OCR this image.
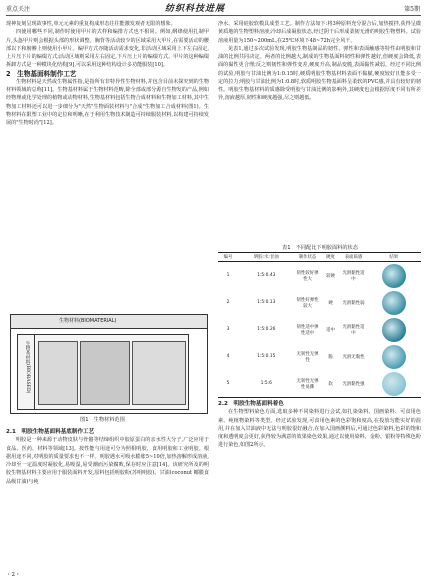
重点关注	纺织科技进展	第5期

现神复刻呈现故事性,单元元素的重复构成形态往往能激发观者无限的想象。

四使用哪些不同,制作时使用甲片的式样和编排方式也不相同。例如,纲绦使用扎制甲片,头盔甲片则会根据头部的形状调整。胸背等活动较少的区域采用大甲片,在需要活动的腰部以下和膀膊上则使用小甲片。编甲方式亦随活动需求变化,非活动区域采用上下左右固定,上片压下片的编缀方式;活动区域则采用左右固定,下片压上片的编缀方式。甲片的这种编缀拆卸方式是一种模块化结构[9],可以采用这种结构设计多功能服装[10]。

2　生物基面料制作工艺

生物材料是天然或生物属性指,是指所有非特异性生物材料,并包含目前未探究到的生物材料领域的总称[11]。生物基材料属于生物材料范畴,除全部或部分源自生物发的产品,例如经物理或化学处理的植物或动物材料,生物基材料包括生物合成材料和生物加工材料,其中生物加工材料还可以进一步细分为"天然"生物面装材料与"合成"生物加工合成材料(图1)。生物材料在限塑工业中的定位和明晰,在于利用生物技术制造可持续服装材料,以构建可持续发展的"生物时尚"[12]。

生物材料(BIOMATERIAL)
生物基材料(BIOBASED)
图1　生物材料范围

2.1　明胶生物基面料基底制作工艺

明胶是一种来源于动物皮肤与骨骼等结缔组织中胶原蛋白的亲水性大分子,广泛应用于食品、医药、材料等领域[13]。按性能与用途可分为照相明胶、食用明胶和工业明胶。根据用途不同,对明胶的质量要求也不一样。明胶遇水可吸水膨胀5~10倍,加热溶解形成溶液,冷却至一定温度时凝胶化,易吸湿,易受潮而污染腐败,保存时应注意[14]。该研究所及的明胶生物基材料主要应用于服装面料开发,原料包括明胶粉(苏明明胶)、甘油(coconut 椰膜食品级甘油)与纯

净水。采用硅胶软模具成型工艺。制作方法如下:将3种原料充分混合后,加热搅拌,获得呈微黄质地的生物塑料溶液;冷却后成凝胶状态,经过阴干后形成柔韧无滑的明胶生物塑料。试验溶液用量为150~200mL,在25℃环境下48~72h完全风干。

见表1,通过多次试验发现,明胶生物基制品的韧性、弹性和表面触感等特性由明胶和甘油的比例共同决定。两者的比例越大,制成的生物基面料韧性和弹性越好,但硬度会降低,表面的黏性更合理;反之则韧性和弹性变差,硬度升高,制品变脆,表面黏性减弱。经过不同比例的试验,明胶与甘油比例为1:0.15时,硬质明胶生物基材料表面不黏腻,硬度较好且能多受一定的拉力;明胶与甘油比例为1:0.8时,软质明胶生物基面料呈柔软的PVC感,并具有较好的韧性。明胶生物基材料的质感除受明胶与甘油比例的影响外,其硬度也会根据厚度不同有所差异,溶液越厚,韧性和硬度越强,尽之则越低。

表1　不同配比下明胶面料的状态
编号	明胶:水:甘油	制作状态	硬度	表面质感	结果
1	1:5:0.43	韧性较好弹性大	较硬	光滑黏性适中	

2	1:5:0.13	韧性好弹性较大	硬	光滑黏性弱	

3	1:5:0.26	韧性适中弹性适中	适中	光滑黏性适中	

4	1:5:0.15	无韧性无弹性	脆	光滑无黏性	

5	1:5:6	无韧性无弹性易撕	软	光滑黏性强	

2.2　明胶生物基面料着色

在生物塑料染色方面,选取多种不同染料进行会试,如扎染染料、国画染料、可食用色素、纯植物染料等类型。经过试验发现,可食用色素的色彩饱和度高,在投放匀能实好的混用,并在加入甘油液中无法与明胶很好融合,在加入国画颜料后,可通过色彩染料,色彩的饱和度和透明度会更好,获得较为满意的效果染色效果,通过以使用染料、金粉、银粉等特殊色粉进行染色,如图2所示。

・2・
